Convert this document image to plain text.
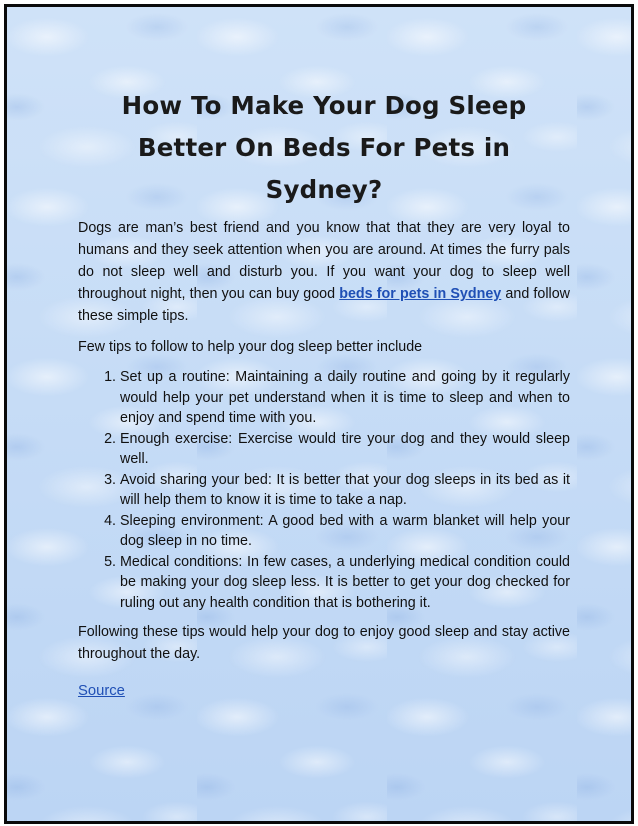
How To Make Your Dog Sleep Better On Beds For Pets in Sydney?

Dogs are man’s best friend and you know that that they are very loyal to humans and they seek attention when you are around. At times the furry pals do not sleep well and disturb you. If you want your dog to sleep well throughout night, then you can buy good beds for pets in Sydney and follow these simple tips.

Few tips to follow to help your dog sleep better include

1. Set up a routine: Maintaining a daily routine and going by it regularly would help your pet understand when it is time to sleep and when to enjoy and spend time with you.
2. Enough exercise: Exercise would tire your dog and they would sleep well.
3. Avoid sharing your bed: It is better that your dog sleeps in its bed as it will help them to know it is time to take a nap.
4. Sleeping environment: A good bed with a warm blanket will help your dog sleep in no time.
5. Medical conditions: In few cases, a underlying medical condition could be making your dog sleep less. It is better to get your dog checked for ruling out any health condition that is bothering it.

Following these tips would help your dog to enjoy good sleep and stay active throughout the day.

Source
